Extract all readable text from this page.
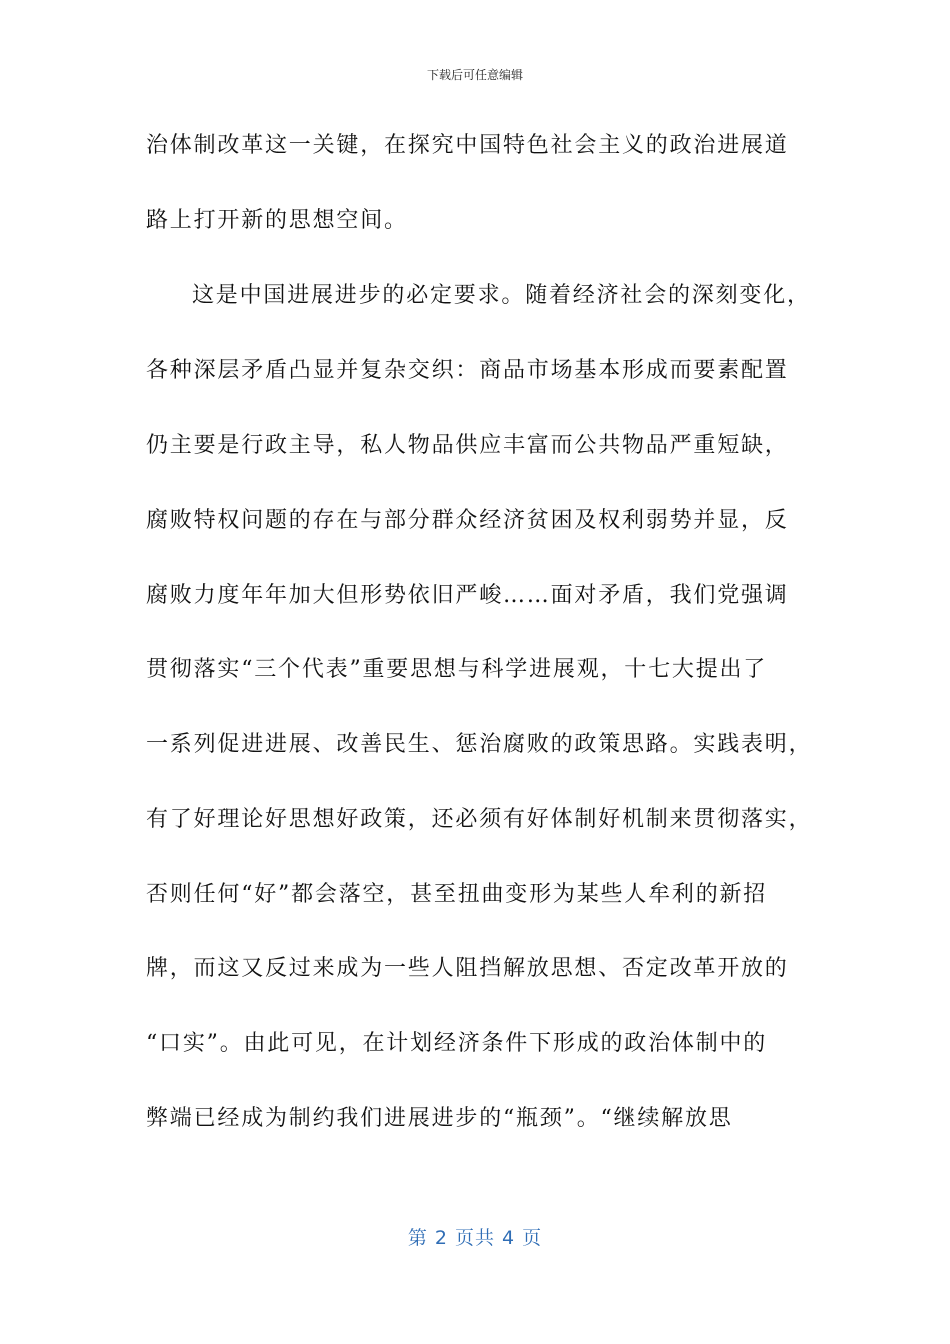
下载后可任意编辑
治体制改革这一关键，在探究中国特色社会主义的政治进展道
路上打开新的思想空间。
这是中国进展进步的必定要求。随着经济社会的深刻变化，
各种深层矛盾凸显并复杂交织：商品市场基本形成而要素配置
仍主要是行政主导，私人物品供应丰富而公共物品严重短缺，
腐败特权问题的存在与部分群众经济贫困及权利弱势并显，反
腐败力度年年加大但形势依旧严峻……面对矛盾，我们党强调
贯彻落实“三个代表”重要思想与科学进展观，十七大提出了
一系列促进进展、改善民生、惩治腐败的政策思路。实践表明，
有了好理论好思想好政策，还必须有好体制好机制来贯彻落实，
否则任何“好”都会落空，甚至扭曲变形为某些人牟利的新招
牌，而这又反过来成为一些人阻挡解放思想、否定改革开放的
“口实”。由此可见，在计划经济条件下形成的政治体制中的
弊端已经成为制约我们进展进步的“瓶颈”。“继续解放思
第 2 页共 4 页
